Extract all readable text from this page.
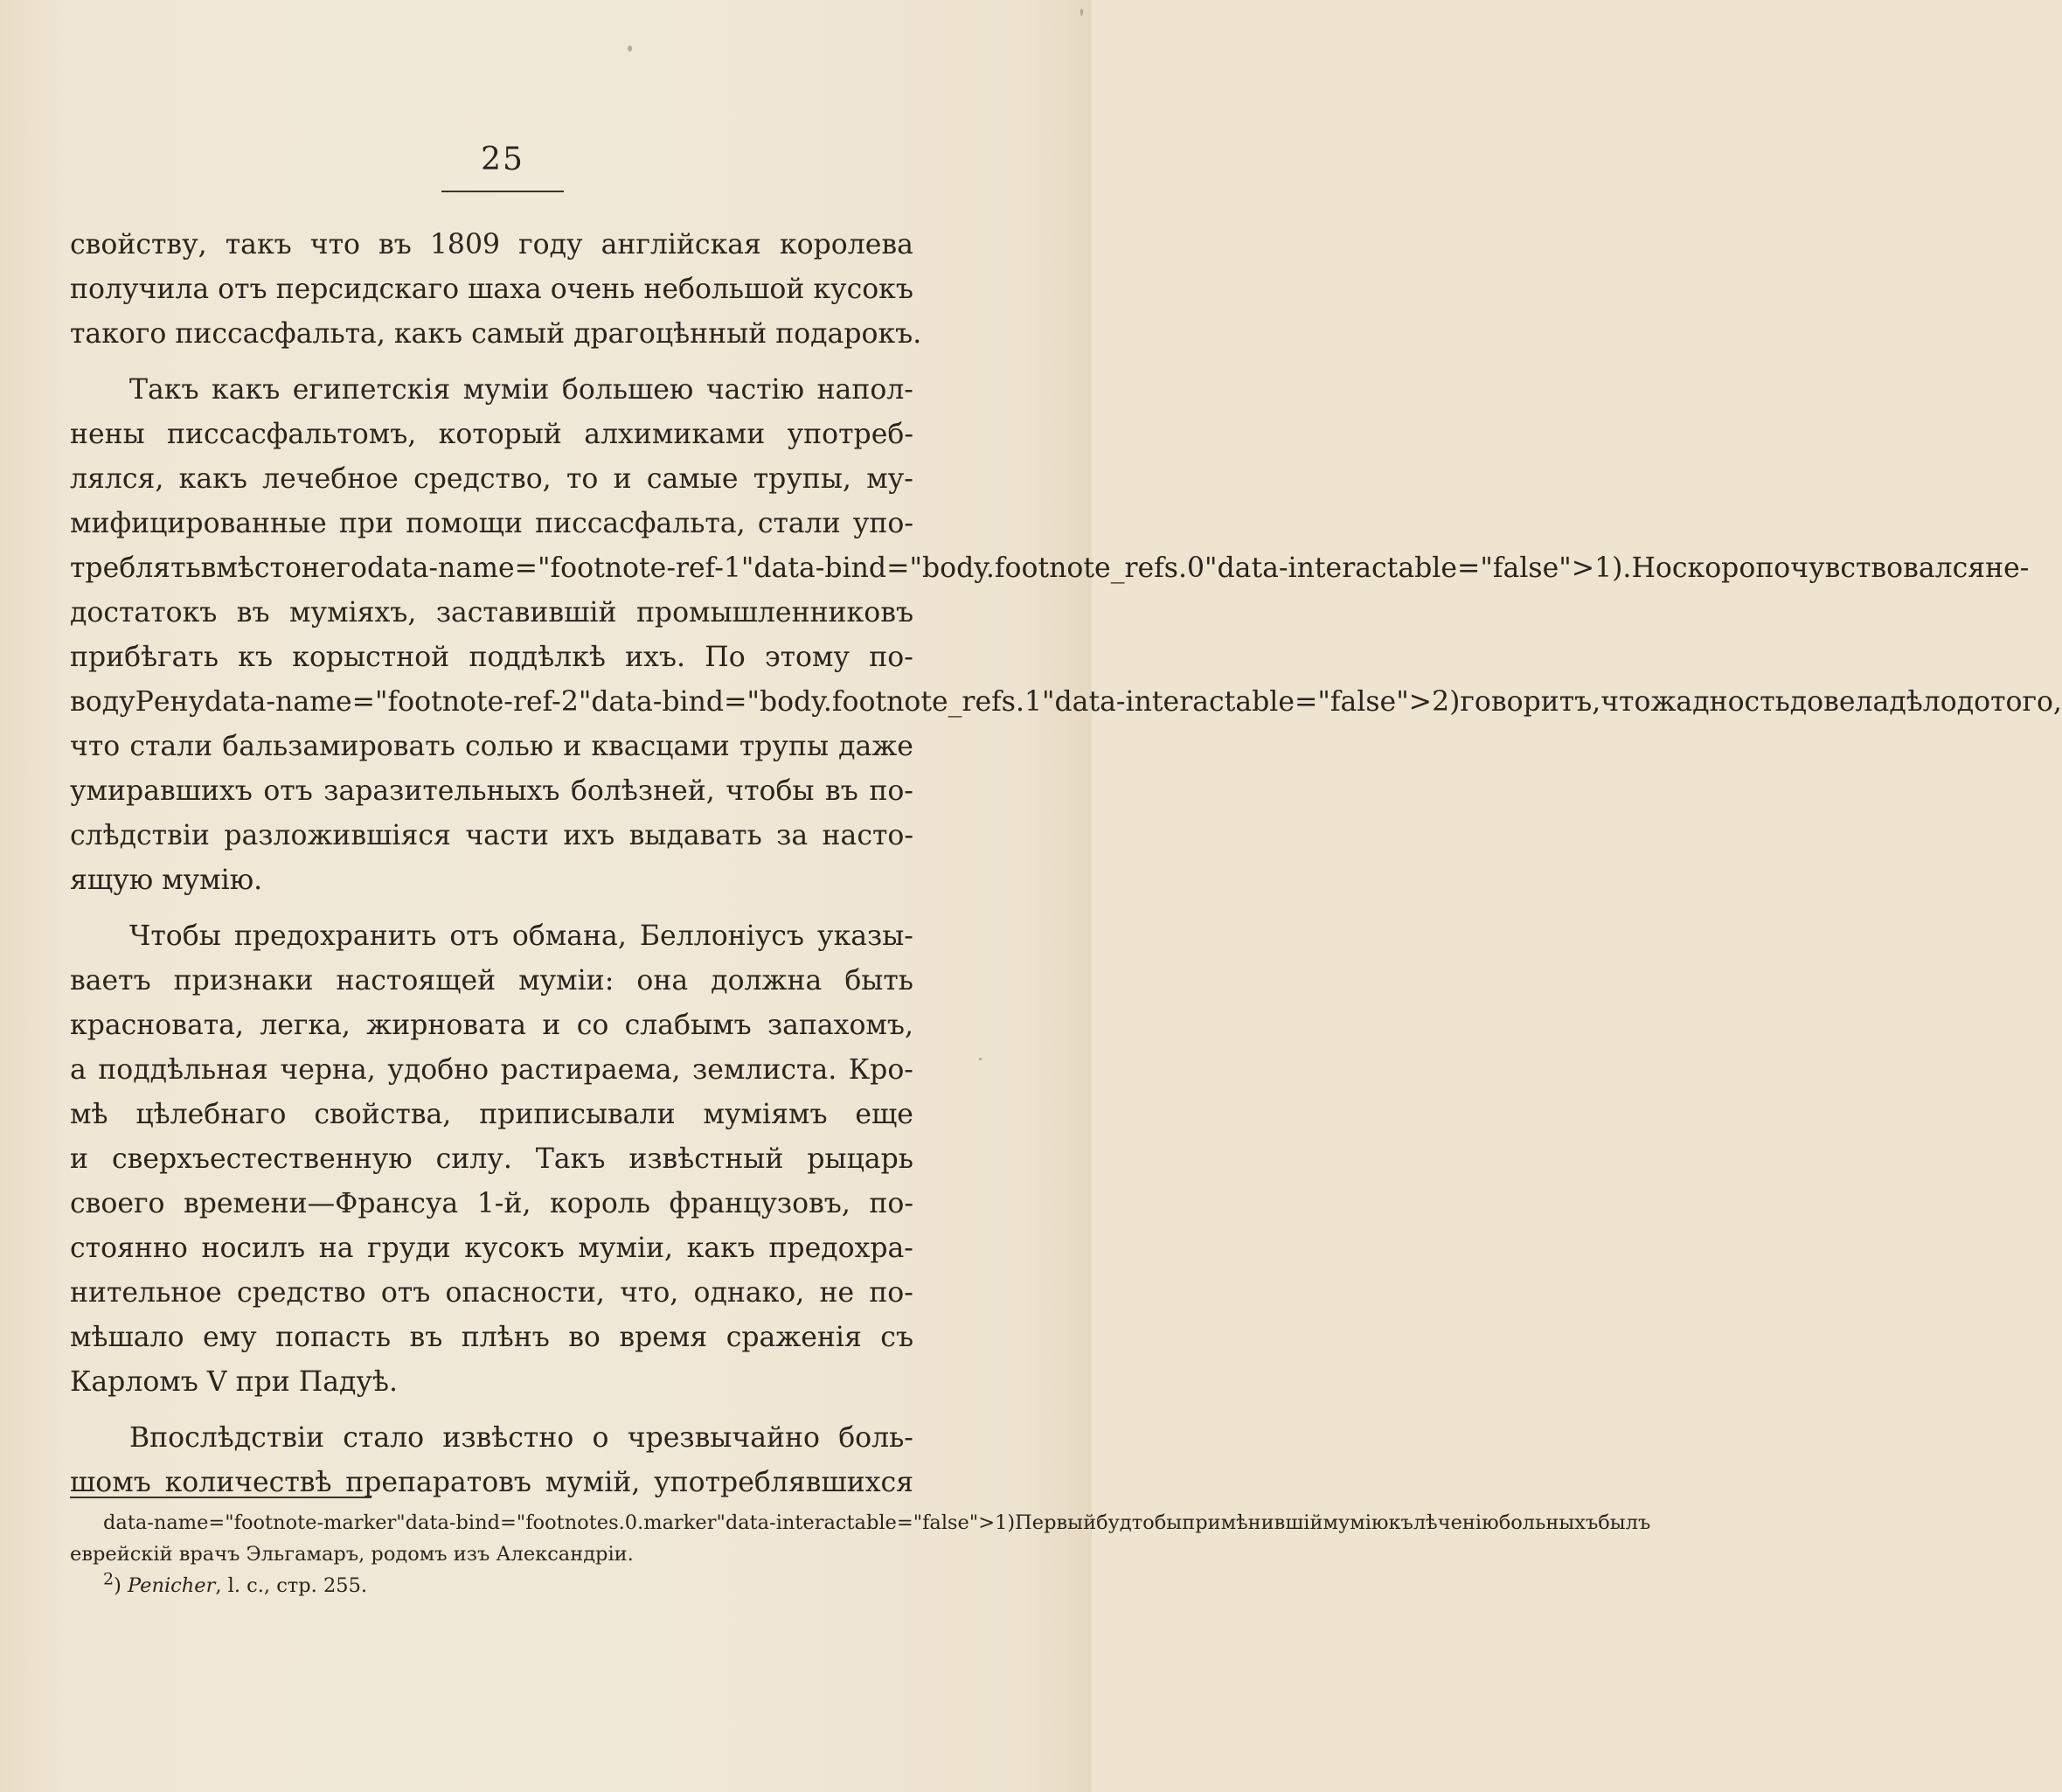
25
свойству, такъ что въ 1809 году англійская королева
получила отъ персидскаго шаха очень небольшой кусокъ
такого писсасфальта, какъ самый драгоцѣнный подарокъ.
Такъ какъ египетскія муміи большею частію напол-
нены писсасфальтомъ, который алхимиками употреб-
лялся, какъ лечебное средство, то и самые трупы, му-
мифицированные при помощи писсасфальта, стали упо-
треблять вмѣсто него data-name="footnote-ref-1" data-bind="body.footnote_refs.0" data-interactable="false">1). Но скоро почувствовался не-
достатокъ въ муміяхъ, заставившій промышленниковъ
прибѣгать къ корыстной поддѣлкѣ ихъ. По этому по-
воду Рену data-name="footnote-ref-2" data-bind="body.footnote_refs.1" data-interactable="false">2) говоритъ, что жадность довела дѣло до того,
что стали бальзамировать солью и квасцами трупы даже
умиравшихъ отъ заразительныхъ болѣзней, чтобы въ по-
слѣдствіи разложившіяся части ихъ выдавать за насто-
ящую мумію.
Чтобы предохранить отъ обмана, Беллоніусъ указы-
ваетъ признаки настоящей муміи: она должна быть
красновата, легка, жирновата и со слабымъ запахомъ,
а поддѣльная черна, удобно растираема, землиста. Кро-
мѣ цѣлебнаго свойства, приписывали муміямъ еще
и сверхъестественную силу. Такъ извѣстный рыцарь
своего времени—Франсуа 1-й, король французовъ, по-
стоянно носилъ на груди кусокъ муміи, какъ предохра-
нительное средство отъ опасности, что, однако, не по-
мѣшало ему попасть въ плѣнъ во время сраженія съ
Карломъ V при Падуѣ.
Впослѣдствіи стало извѣстно о чрезвычайно боль-
шомъ количествѣ препаратовъ мумій, употреблявшихся
data-name="footnote-marker" data-bind="footnotes.0.marker" data-interactable="false">1) Первый будто бы примѣнившій мумію къ лѣченію больныхъ былъ
еврейскій врачъ Эльгамаръ, родомъ изъ Александріи.
$^2$) Penicher, l. c., стр. 255.
